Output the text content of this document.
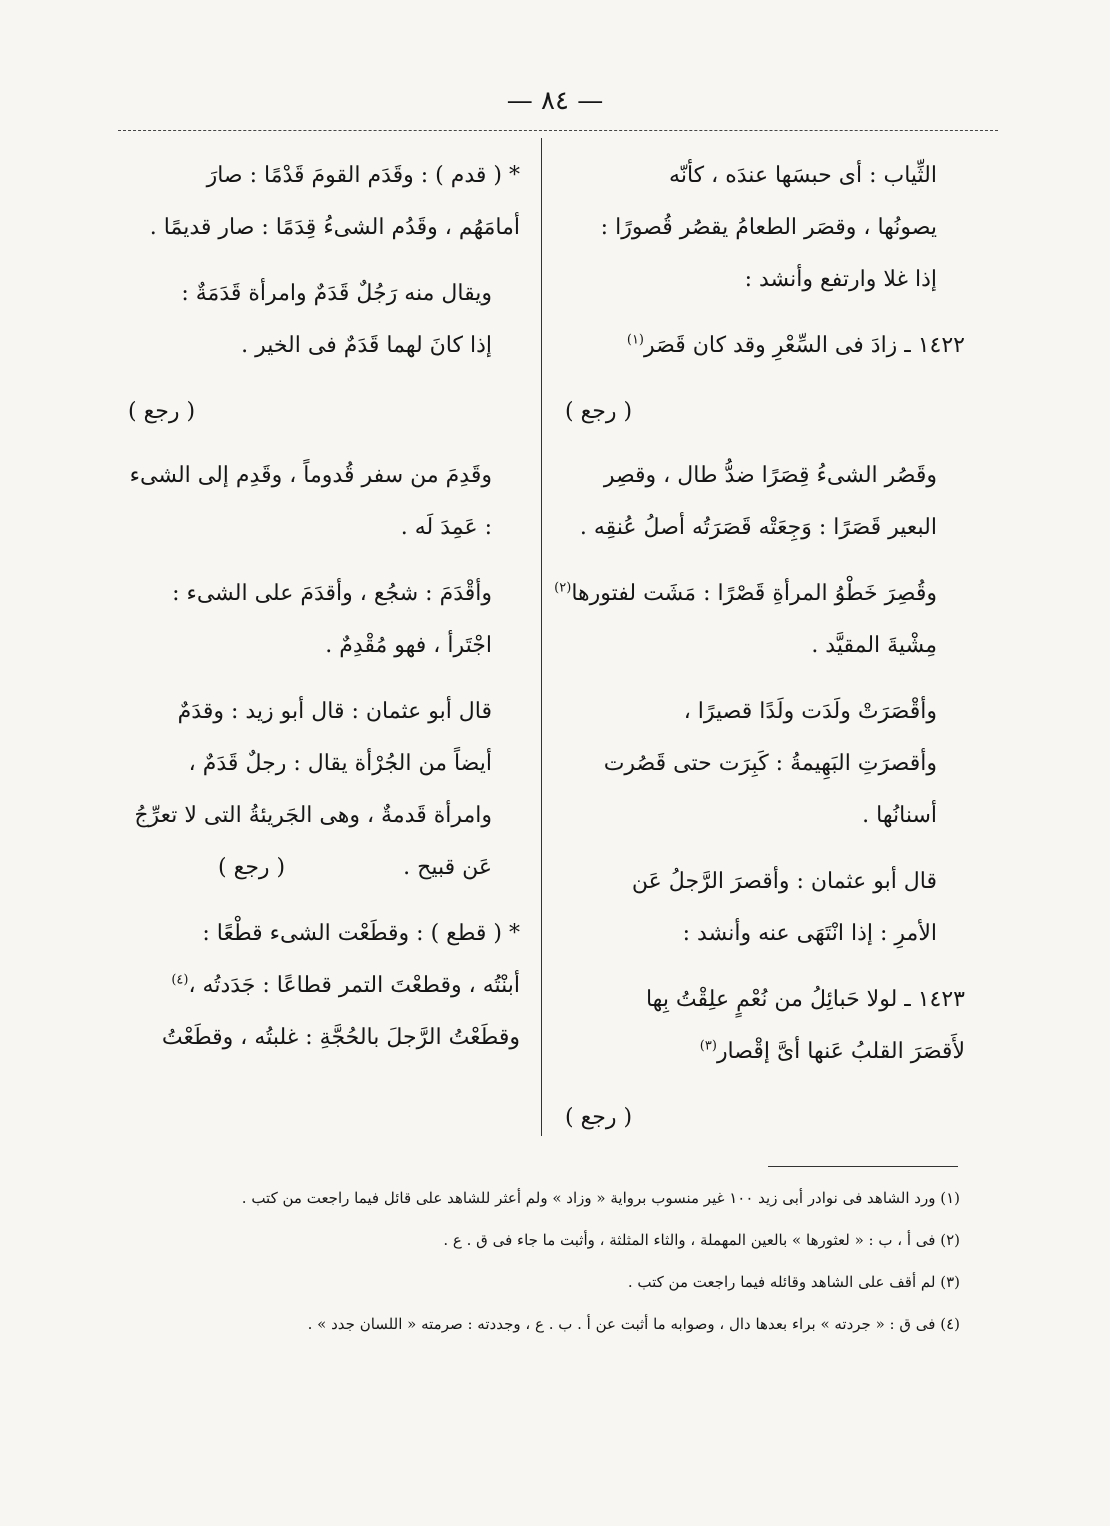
— ٨٤ —

الثِّياب : أى حبسَها عندَه ، كأنّه
يصونُها ، وقصَر الطعامُ يقصُر قُصورًا :
إذا غلا وارتفع وأنشد :

١٤٢٢ ـ زادَ فى السِّعْرِ وقد كان قَصَر$^{(١)}$

( رجع )

وقَصُر الشىءُ قِصَرًا ضدُّ طال ، وقصِر
البعير قَصَرًا : وَجِعَتْه قَصَرَتُه أصلُ عُنقِه .

وقُصِرَ خَطْوُ المرأةِ قَصْرًا : مَشَت لفتورها$^{(٢)}$
مِشْيةَ المقيَّد .

وأقْصَرَتْ ولَدَت ولَدًا قصيرًا ،
وأقصرَتِ البَهِيمةُ : كَبِرَت حتى قَصُرت
أسنانُها .

قال أبو عثمان : وأقصرَ الرَّجلُ عَن
الأمرِ : إذا انْتَهَى عنه وأنشد :

١٤٢٣ ـ لولا حَبائِلُ من نُعْمٍ علِقْتُ بِها
لأَقصَرَ القلبُ عَنها أىَّ إقْصار$^{(٣)}$

( رجع )

* ( قدم ) : وقَدَم القومَ قَدْمًا : صارَ
أمامَهُم ، وقَدُم الشىءُ قِدَمًا : صار قديمًا .

ويقال منه رَجُلٌ قَدَمٌ وامرأة قَدَمَةٌ :
إذا كانَ لهما قَدَمٌ فى الخير .

( رجع )

وقَدِمَ من سفر قُدوماً ، وقَدِم إلى الشىء
: عَمِدَ لَه .

وأقْدَمَ : شجُع ، وأقدَمَ على الشىء :
اجْتَرأ ، فهو مُقْدِمٌ .

قال أبو عثمان : قال أبو زيد : وقدَمٌ
أيضاً من الجُرْأة يقال : رجلٌ قَدَمٌ ،
وامرأة قَدمةٌ ، وهى الجَريئةُ التى لا تعرِّجُ
عَن قبيح .( رجع )

* ( قطع ) : وقطَعْت الشىء قطْعًا :
أبنْتُه ، وقطعْتَ التمر قطاعًا : جَدَدتُه ،$^{(٤)}$
وقطَعْتُ الرَّجلَ بالحُجَّةِ : غلبتُه ، وقطَعْتُ

(١) ورد الشاهد فى نوادر أبى زيد ١٠٠ غير منسوب برواية « وزاد » ولم أعثر للشاهد على قائل فيما راجعت من كتب .

(٢) فى أ ، ب : « لعثورها » بالعين المهملة ، والثاء المثلثة ، وأثبت ما جاء فى ق . ع .

(٣) لم أقف على الشاهد وقائله فيما راجعت من كتب .

(٤) فى ق : « جردته » براء بعدها دال ، وصوابه ما أثبت عن أ . ب . ع ، وجددته : صرمته « اللسان جدد » .
